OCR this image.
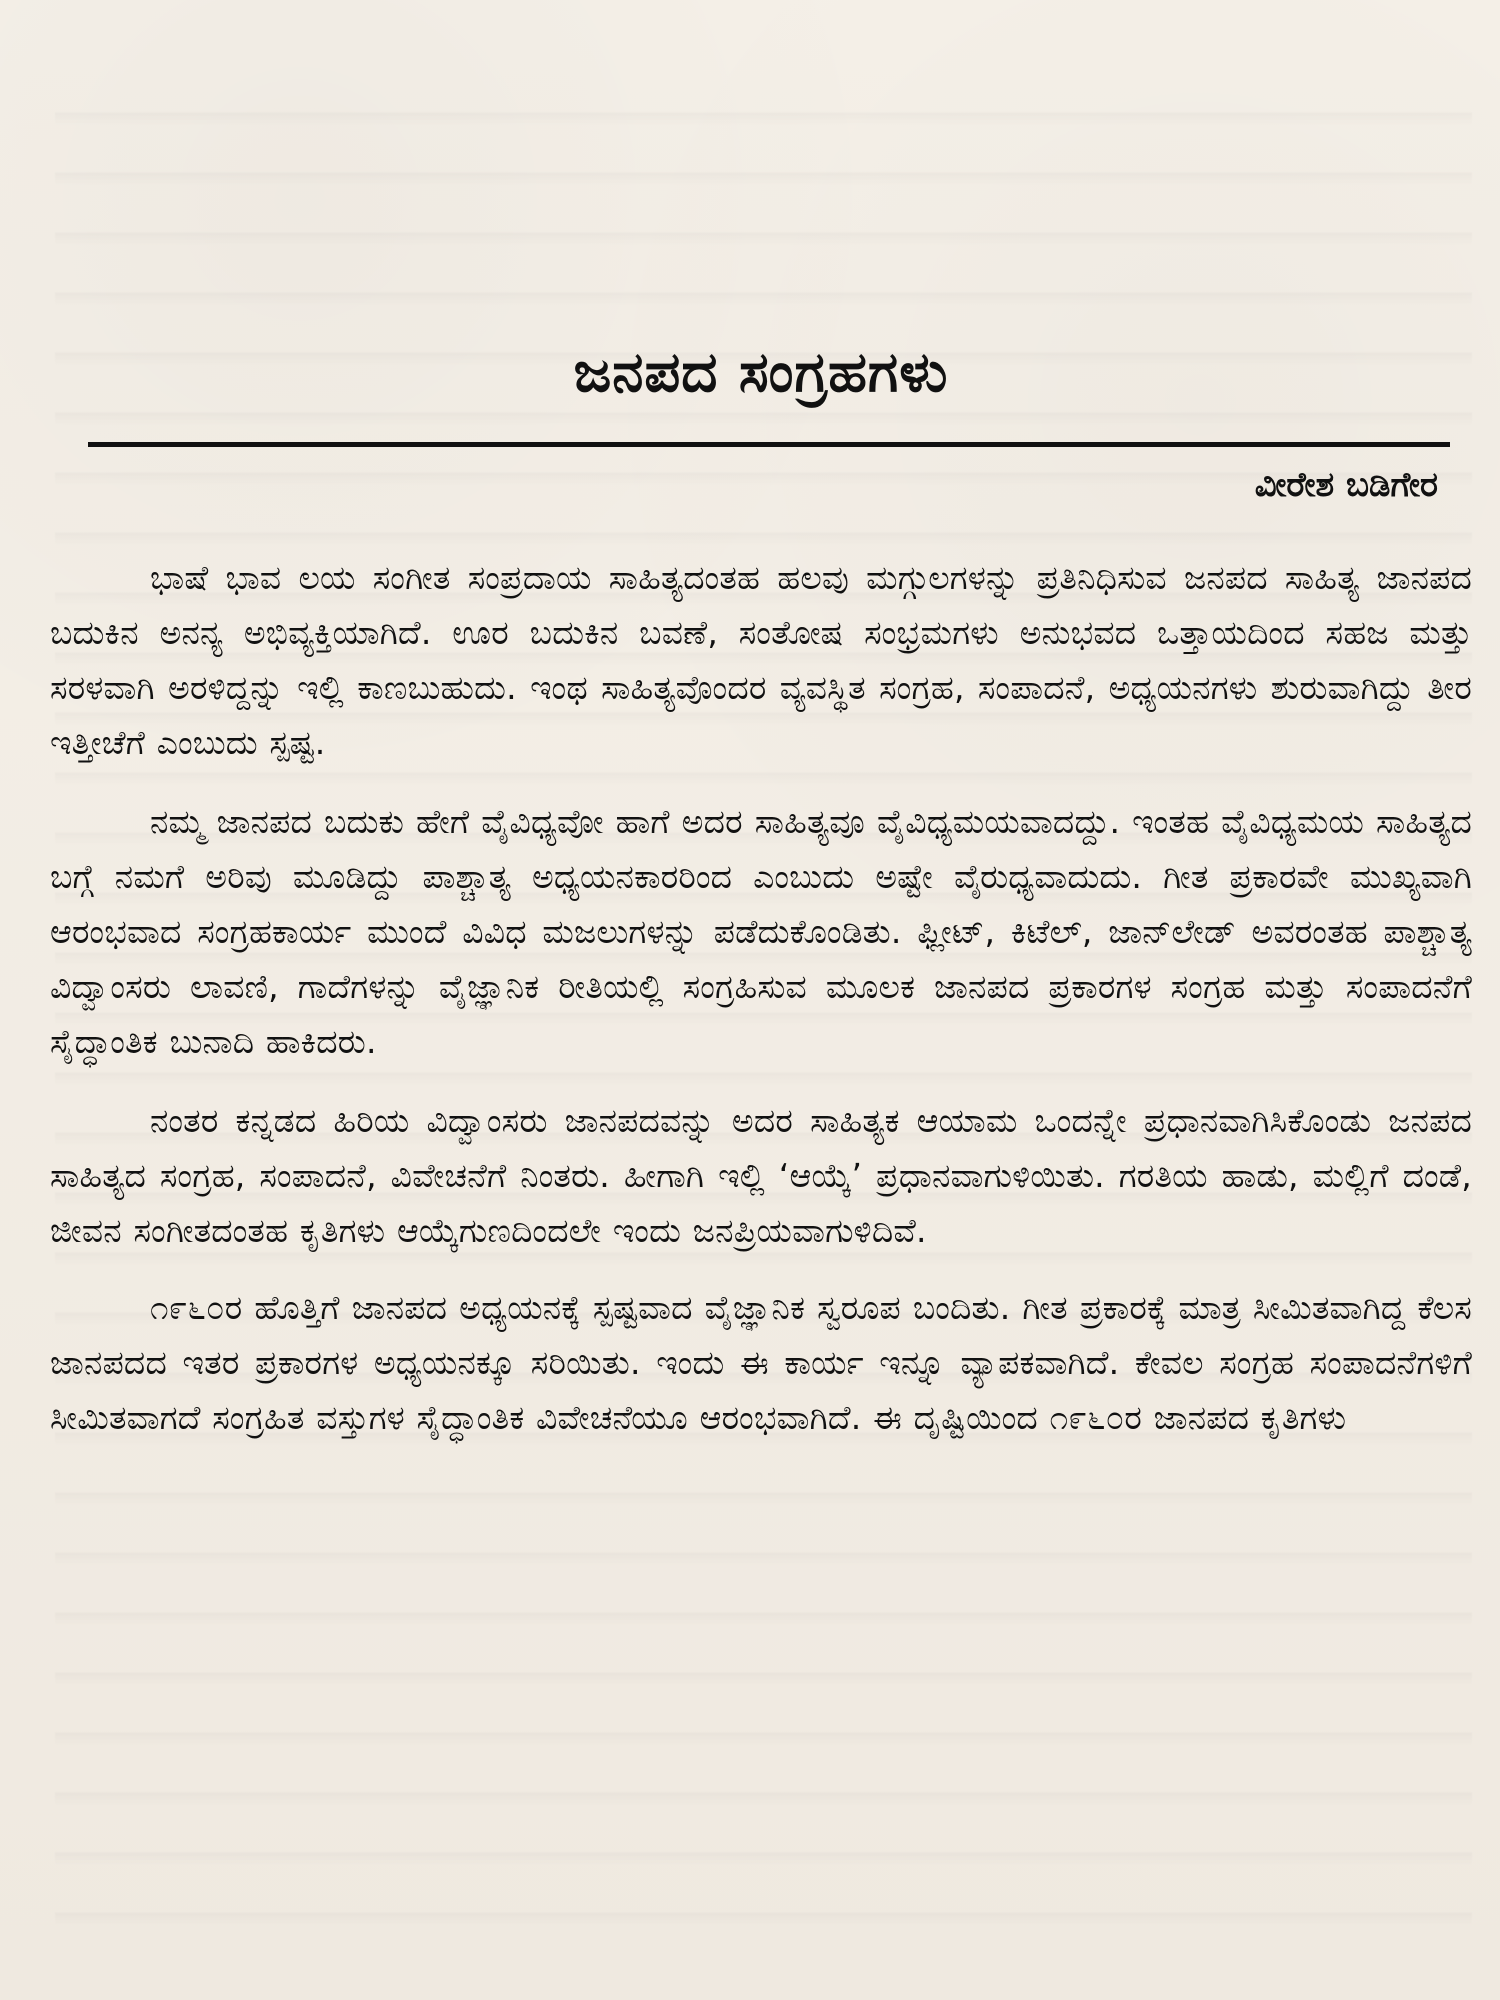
ಜನಪದ ಸಂಗ್ರಹಗಳು
ವೀರೇಶ ಬಡಿಗೇರ

ಭಾಷೆ ಭಾವ ಲಯ ಸಂಗೀತ ಸಂಪ್ರದಾಯ ಸಾಹಿತ್ಯದಂತಹ ಹಲವು ಮಗ್ಗುಲಗಳನ್ನು ಪ್ರತಿನಿಧಿಸುವ ಜನಪದ ಸಾಹಿತ್ಯ ಜಾನಪದ ಬದುಕಿನ ಅನನ್ಯ ಅಭಿವ್ಯಕ್ತಿಯಾಗಿದೆ. ಊರ ಬದುಕಿನ ಬವಣೆ, ಸಂತೋಷ ಸಂಭ್ರಮಗಳು ಅನುಭವದ ಒತ್ತಾಯದಿಂದ ಸಹಜ ಮತ್ತು ಸರಳವಾಗಿ ಅರಳಿದ್ದನ್ನು ಇಲ್ಲಿ ಕಾಣಬುಹುದು. ಇಂಥ ಸಾಹಿತ್ಯವೊಂದರ ವ್ಯವಸ್ಥಿತ ಸಂಗ್ರಹ, ಸಂಪಾದನೆ, ಅಧ್ಯಯನಗಳು ಶುರುವಾಗಿದ್ದು ತೀರ ಇತ್ತೀಚೆಗೆ ಎಂಬುದು ಸ್ಪಷ್ಟ.

ನಮ್ಮ ಜಾನಪದ ಬದುಕು ಹೇಗೆ ವೈವಿಧ್ಯವೋ ಹಾಗೆ ಅದರ ಸಾಹಿತ್ಯವೂ ವೈವಿಧ್ಯಮಯವಾದದ್ದು. ಇಂತಹ ವೈವಿಧ್ಯಮಯ ಸಾಹಿತ್ಯದ ಬಗ್ಗೆ ನಮಗೆ ಅರಿವು ಮೂಡಿದ್ದು ಪಾಶ್ಚಾತ್ಯ ಅಧ್ಯಯನಕಾರರಿಂದ ಎಂಬುದು ಅಷ್ಟೇ ವೈರುಧ್ಯವಾದುದು. ಗೀತ ಪ್ರಕಾರವೇ ಮುಖ್ಯವಾಗಿ ಆರಂಭವಾದ ಸಂಗ್ರಹಕಾರ್ಯ ಮುಂದೆ ವಿವಿಧ ಮಜಲುಗಳನ್ನು ಪಡೆದುಕೊಂಡಿತು. ಫ್ಲೀಟ್, ಕಿಟೆಲ್, ಜಾನ್‌ಲೇಡ್ ಅವರಂತಹ ಪಾಶ್ಚಾತ್ಯ ವಿದ್ವಾಂಸರು ಲಾವಣಿ, ಗಾದೆಗಳನ್ನು ವೈಜ್ಞಾನಿಕ ರೀತಿಯಲ್ಲಿ ಸಂಗ್ರಹಿಸುವ ಮೂಲಕ ಜಾನಪದ ಪ್ರಕಾರಗಳ ಸಂಗ್ರಹ ಮತ್ತು ಸಂಪಾದನೆಗೆ ಸೈದ್ಧಾಂತಿಕ ಬುನಾದಿ ಹಾಕಿದರು.

ನಂತರ ಕನ್ನಡದ ಹಿರಿಯ ವಿದ್ವಾಂಸರು ಜಾನಪದವನ್ನು ಅದರ ಸಾಹಿತ್ಯಕ ಆಯಾಮ ಒಂದನ್ನೇ ಪ್ರಧಾನವಾಗಿಸಿಕೊಂಡು ಜನಪದ ಸಾಹಿತ್ಯದ ಸಂಗ್ರಹ, ಸಂಪಾದನೆ, ವಿವೇಚನೆಗೆ ನಿಂತರು. ಹೀಗಾಗಿ ಇಲ್ಲಿ ‘ಆಯ್ಕೆ’ ಪ್ರಧಾನವಾಗುಳಿಯಿತು. ಗರತಿಯ ಹಾಡು, ಮಲ್ಲಿಗೆ ದಂಡೆ, ಜೀವನ ಸಂಗೀತದಂತಹ ಕೃತಿಗಳು ಆಯ್ಕೆಗುಣದಿಂದಲೇ ಇಂದು ಜನಪ್ರಿಯವಾಗುಳಿದಿವೆ.

೧೯೬೦ರ ಹೊತ್ತಿಗೆ ಜಾನಪದ ಅಧ್ಯಯನಕ್ಕೆ ಸ್ಪಷ್ಟವಾದ ವೈಜ್ಞಾನಿಕ ಸ್ವರೂಪ ಬಂದಿತು. ಗೀತ ಪ್ರಕಾರಕ್ಕೆ ಮಾತ್ರ ಸೀಮಿತವಾಗಿದ್ದ ಕೆಲಸ ಜಾನಪದದ ಇತರ ಪ್ರಕಾರಗಳ ಅಧ್ಯಯನಕ್ಕೂ ಸರಿಯಿತು. ಇಂದು ಈ ಕಾರ್ಯ ಇನ್ನೂ ವ್ಯಾಪಕವಾಗಿದೆ. ಕೇವಲ ಸಂಗ್ರಹ ಸಂಪಾದನೆಗಳಿಗೆ ಸೀಮಿತವಾಗದೆ ಸಂಗ್ರಹಿತ ವಸ್ತುಗಳ ಸೈದ್ಧಾಂತಿಕ ವಿವೇಚನೆಯೂ ಆರಂಭವಾಗಿದೆ. ಈ ದೃಷ್ಟಿಯಿಂದ ೧೯೬೦ರ ಜಾನಪದ ಕೃತಿಗಳು
